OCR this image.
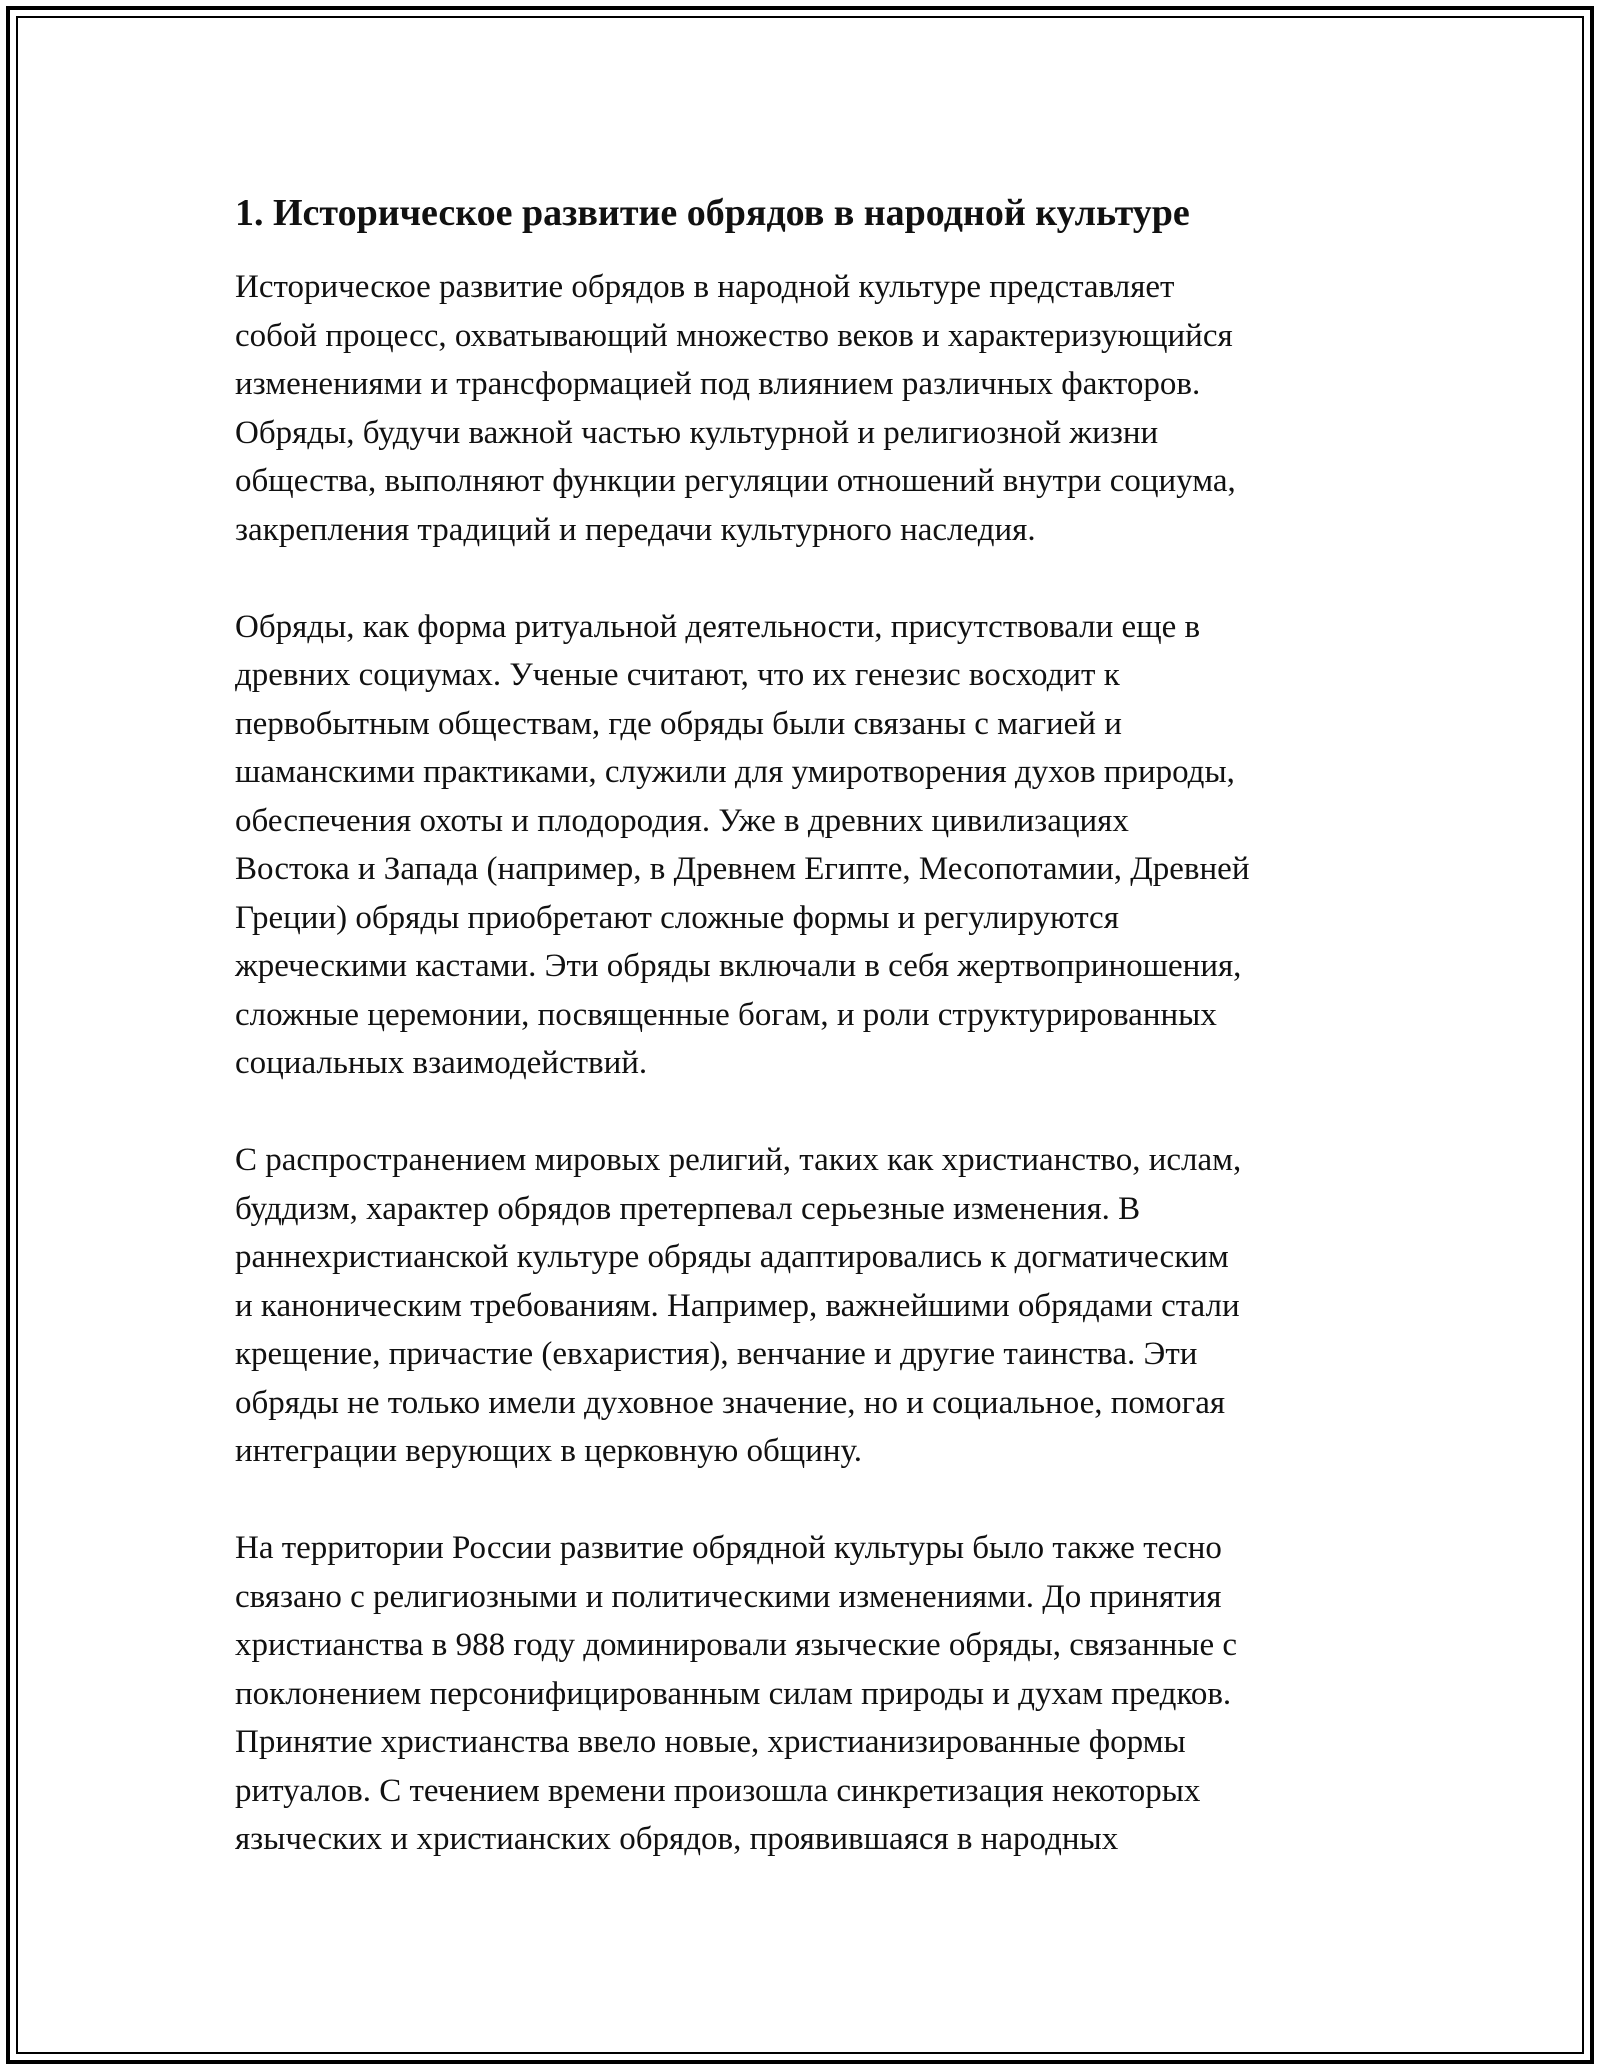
1. Историческое развитие обрядов в народной культуре
Историческое развитие обрядов в народной культуре представляет
собой процесс, охватывающий множество веков и характеризующийся
изменениями и трансформацией под влиянием различных факторов.
Обряды, будучи важной частью культурной и религиозной жизни
общества, выполняют функции регуляции отношений внутри социума,
закрепления традиций и передачи культурного наследия.
Обряды, как форма ритуальной деятельности, присутствовали еще в
древних социумах. Ученые считают, что их генезис восходит к
первобытным обществам, где обряды были связаны с магией и
шаманскими практиками, служили для умиротворения духов природы,
обеспечения охоты и плодородия. Уже в древних цивилизациях
Востока и Запада (например, в Древнем Египте, Месопотамии, Древней
Греции) обряды приобретают сложные формы и регулируются
жреческими кастами. Эти обряды включали в себя жертвоприношения,
сложные церемонии, посвященные богам, и роли структурированных
социальных взаимодействий.
С распространением мировых религий, таких как христианство, ислам,
буддизм, характер обрядов претерпевал серьезные изменения. В
раннехристианской культуре обряды адаптировались к догматическим
и каноническим требованиям. Например, важнейшими обрядами стали
крещение, причастие (евхаристия), венчание и другие таинства. Эти
обряды не только имели духовное значение, но и социальное, помогая
интеграции верующих в церковную общину.
На территории России развитие обрядной культуры было также тесно
связано с религиозными и политическими изменениями. До принятия
христианства в 988 году доминировали языческие обряды, связанные с
поклонением персонифицированным силам природы и духам предков.
Принятие христианства ввело новые, христианизированные формы
ритуалов. С течением времени произошла синкретизация некоторых
языческих и христианских обрядов, проявившаяся в народных
